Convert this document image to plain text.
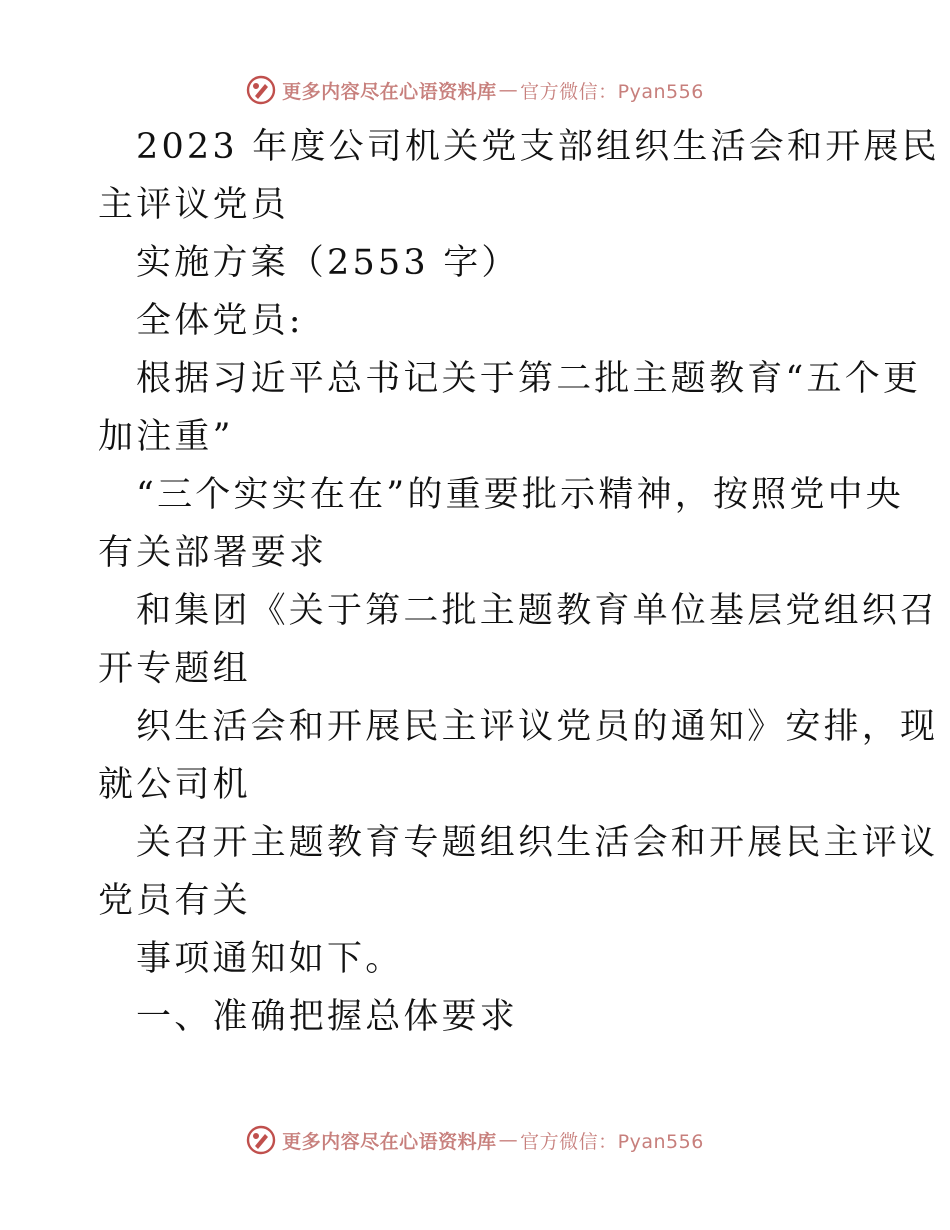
更多内容尽在心语资料库 — 官方微信：Pyan556
2023 年度公司机关党支部组织生活会和开展民
主评议党员
实施方案（2553 字）
全体党员:
根据习近平总书记关于第二批主题教育“五个更
加注重”
“三个实实在在”的重要批示精神，按照党中央
有关部署要求
和集团《关于第二批主题教育单位基层党组织召
开专题组
织生活会和开展民主评议党员的通知》安排，现
就公司机
关召开主题教育专题组织生活会和开展民主评议
党员有关
事项通知如下。
一、准确把握总体要求
更多内容尽在心语资料库 — 官方微信：Pyan556
